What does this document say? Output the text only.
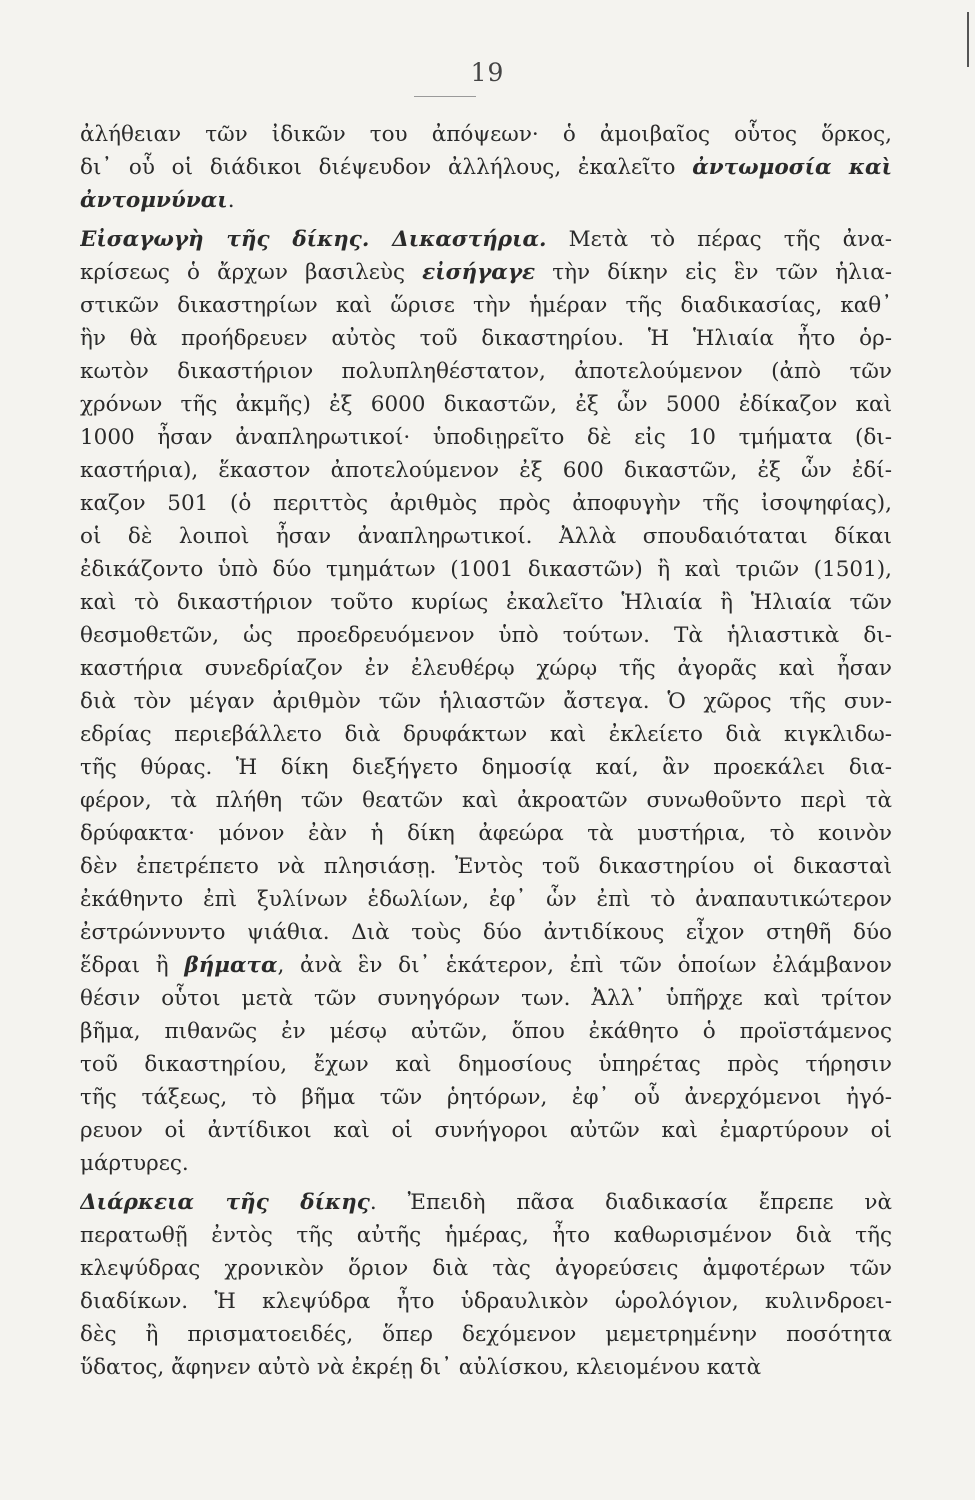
19
ἀλήθειαν τῶν ἰδικῶν του ἀπόψεων· ὁ ἀμοιβαῖος οὗτος ὅρκος,
δι᾿ οὗ οἱ διάδικοι διέψευδον ἀλλήλους, ἐκαλεῖτο ἀντωμοσία καὶ
ἀντομνύναι.
Εἰσαγωγὴ τῆς δίκης. Δικαστήρια. Μετὰ τὸ πέρας τῆς ἀνα-
κρίσεως ὁ ἄρχων βασιλεὺς εἰσήγαγε τὴν δίκην εἰς ἓν τῶν ἡλια-
στικῶν δικαστηρίων καὶ ὥρισε τὴν ἡμέραν τῆς διαδικασίας, καθ᾿
ἣν θὰ προήδρευεν αὐτὸς τοῦ δικαστηρίου. Ἡ Ἡλιαία ἦτο ὁρ-
κωτὸν δικαστήριον πολυπληθέστατον, ἀποτελούμενον (ἀπὸ τῶν
χρόνων τῆς ἀκμῆς) ἐξ 6000 δικαστῶν, ἐξ ὧν 5000 ἐδίκαζον καὶ
1000 ἦσαν ἀναπληρωτικοί· ὑποδιῃρεῖτο δὲ εἰς 10 τμήματα (δι-
καστήρια), ἕκαστον ἀποτελούμενον ἐξ 600 δικαστῶν, ἐξ ὧν ἐδί-
καζον 501 (ὁ περιττὸς ἀριθμὸς πρὸς ἀποφυγὴν τῆς ἰσοψηφίας),
οἱ δὲ λοιποὶ ἦσαν ἀναπληρωτικοί. Ἀλλὰ σπουδαιόταται δίκαι
ἐδικάζοντο ὑπὸ δύο τμημάτων (1001 δικαστῶν) ἢ καὶ τριῶν (1501),
καὶ τὸ δικαστήριον τοῦτο κυρίως ἐκαλεῖτο Ἡλιαία ἢ Ἡλιαία τῶν
θεσμοθετῶν, ὡς προεδρευόμενον ὑπὸ τούτων. Τὰ ἡλιαστικὰ δι-
καστήρια συνεδρίαζον ἐν ἐλευθέρῳ χώρῳ τῆς ἀγορᾶς καὶ ἦσαν
διὰ τὸν μέγαν ἀριθμὸν τῶν ἡλιαστῶν ἄστεγα. Ὁ χῶρος τῆς συν-
εδρίας περιεβάλλετο διὰ δρυφάκτων καὶ ἐκλείετο διὰ κιγκλιδω-
τῆς θύρας. Ἡ δίκη διεξήγετο δημοσίᾳ καί, ἂν προεκάλει δια-
φέρον, τὰ πλήθη τῶν θεατῶν καὶ ἀκροατῶν συνωθοῦντο περὶ τὰ
δρύφακτα· μόνον ἐὰν ἡ δίκη ἀφεώρα τὰ μυστήρια, τὸ κοινὸν
δὲν ἐπετρέπετο νὰ πλησιάσῃ. Ἐντὸς τοῦ δικαστηρίου οἱ δικασταὶ
ἐκάθηντο ἐπὶ ξυλίνων ἑδωλίων, ἐφ᾿ ὧν ἐπὶ τὸ ἀναπαυτικώτερον
ἐστρώννυντο ψιάθια. Διὰ τοὺς δύο ἀντιδίκους εἶχον στηθῆ δύο
ἕδραι ἢ βήματα, ἀνὰ ἓν δι᾿ ἑκάτερον, ἐπὶ τῶν ὁποίων ἐλάμβανον
θέσιν οὗτοι μετὰ τῶν συνηγόρων των. Ἀλλ᾿ ὑπῆρχε καὶ τρίτον
βῆμα, πιθανῶς ἐν μέσῳ αὐτῶν, ὅπου ἐκάθητο ὁ προϊστάμενος
τοῦ δικαστηρίου, ἔχων καὶ δημοσίους ὑπηρέτας πρὸς τήρησιν
τῆς τάξεως, τὸ βῆμα τῶν ῥητόρων, ἐφ᾿ οὗ ἀνερχόμενοι ἠγό-
ρευον οἱ ἀντίδικοι καὶ οἱ συνήγοροι αὐτῶν καὶ ἐμαρτύρουν οἱ
μάρτυρες.
Διάρκεια τῆς δίκης. Ἐπειδὴ πᾶσα διαδικασία ἔπρεπε νὰ
περατωθῇ ἐντὸς τῆς αὐτῆς ἡμέρας, ἦτο καθωρισμένον διὰ τῆς
κλεψύδρας χρονικὸν ὅριον διὰ τὰς ἀγορεύσεις ἀμφοτέρων τῶν
διαδίκων. Ἡ κλεψύδρα ἦτο ὑδραυλικὸν ὡρολόγιον, κυλινδροει-
δὲς ἢ πρισματοειδές, ὅπερ δεχόμενον μεμετρημένην ποσότητα
ὕδατος, ἄφηνεν αὐτὸ νὰ ἐκρέῃ δι᾿ αὐλίσκου, κλειομένου κατὰ
